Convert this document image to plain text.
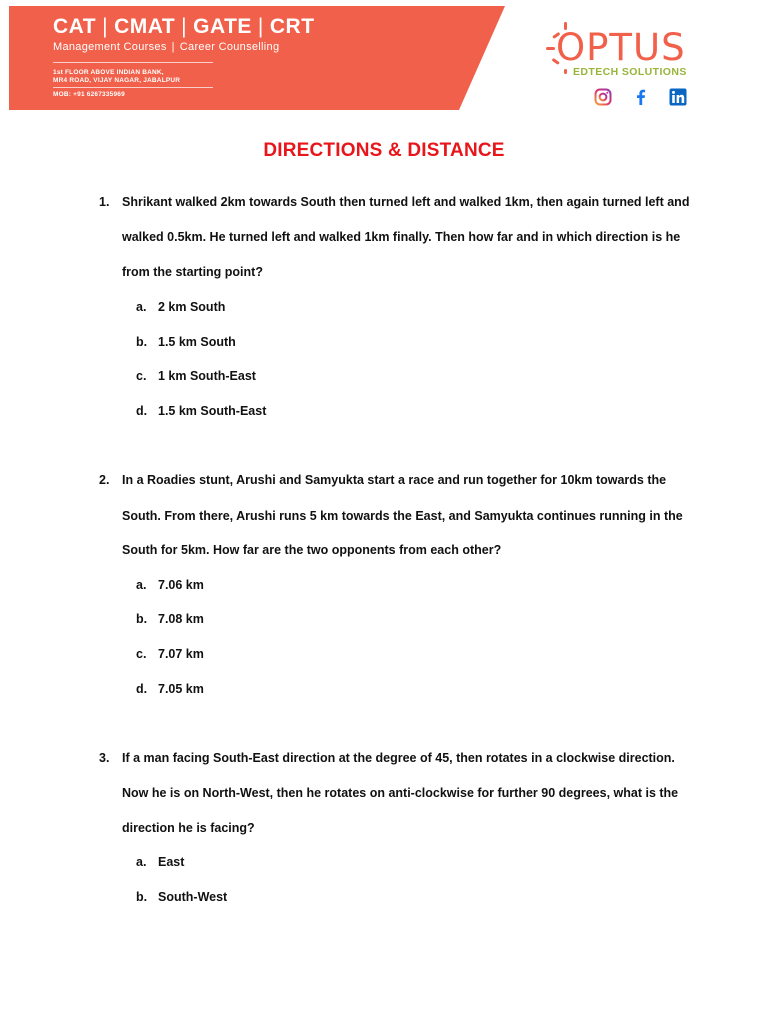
CAT | CMAT | GATE | CRT
Management Courses | Career Counselling
1st FLOOR ABOVE INDIAN BANK,
MR4 ROAD, VIJAY NAGAR, JABALPUR
MOB: +91 6267335969
OPTUS
EDTECH SOLUTIONS
DIRECTIONS & DISTANCE
1. Shrikant walked 2km towards South then turned left and walked 1km, then again turned left and
walked 0.5km. He turned left and walked 1km finally. Then how far and in which direction is he
from the starting point?
a. 2 km South
b. 1.5 km South
c. 1 km South-East
d. 1.5 km South-East
2. In a Roadies stunt, Arushi and Samyukta start a race and run together for 10km towards the
South. From there, Arushi runs 5 km towards the East, and Samyukta continues running in the
South for 5km. How far are the two opponents from each other?
a. 7.06 km
b. 7.08 km
c. 7.07 km
d. 7.05 km
3. If a man facing South-East direction at the degree of 45, then rotates in a clockwise direction.
Now he is on North-West, then he rotates on anti-clockwise for further 90 degrees, what is the
direction he is facing?
a. East
b. South-West
